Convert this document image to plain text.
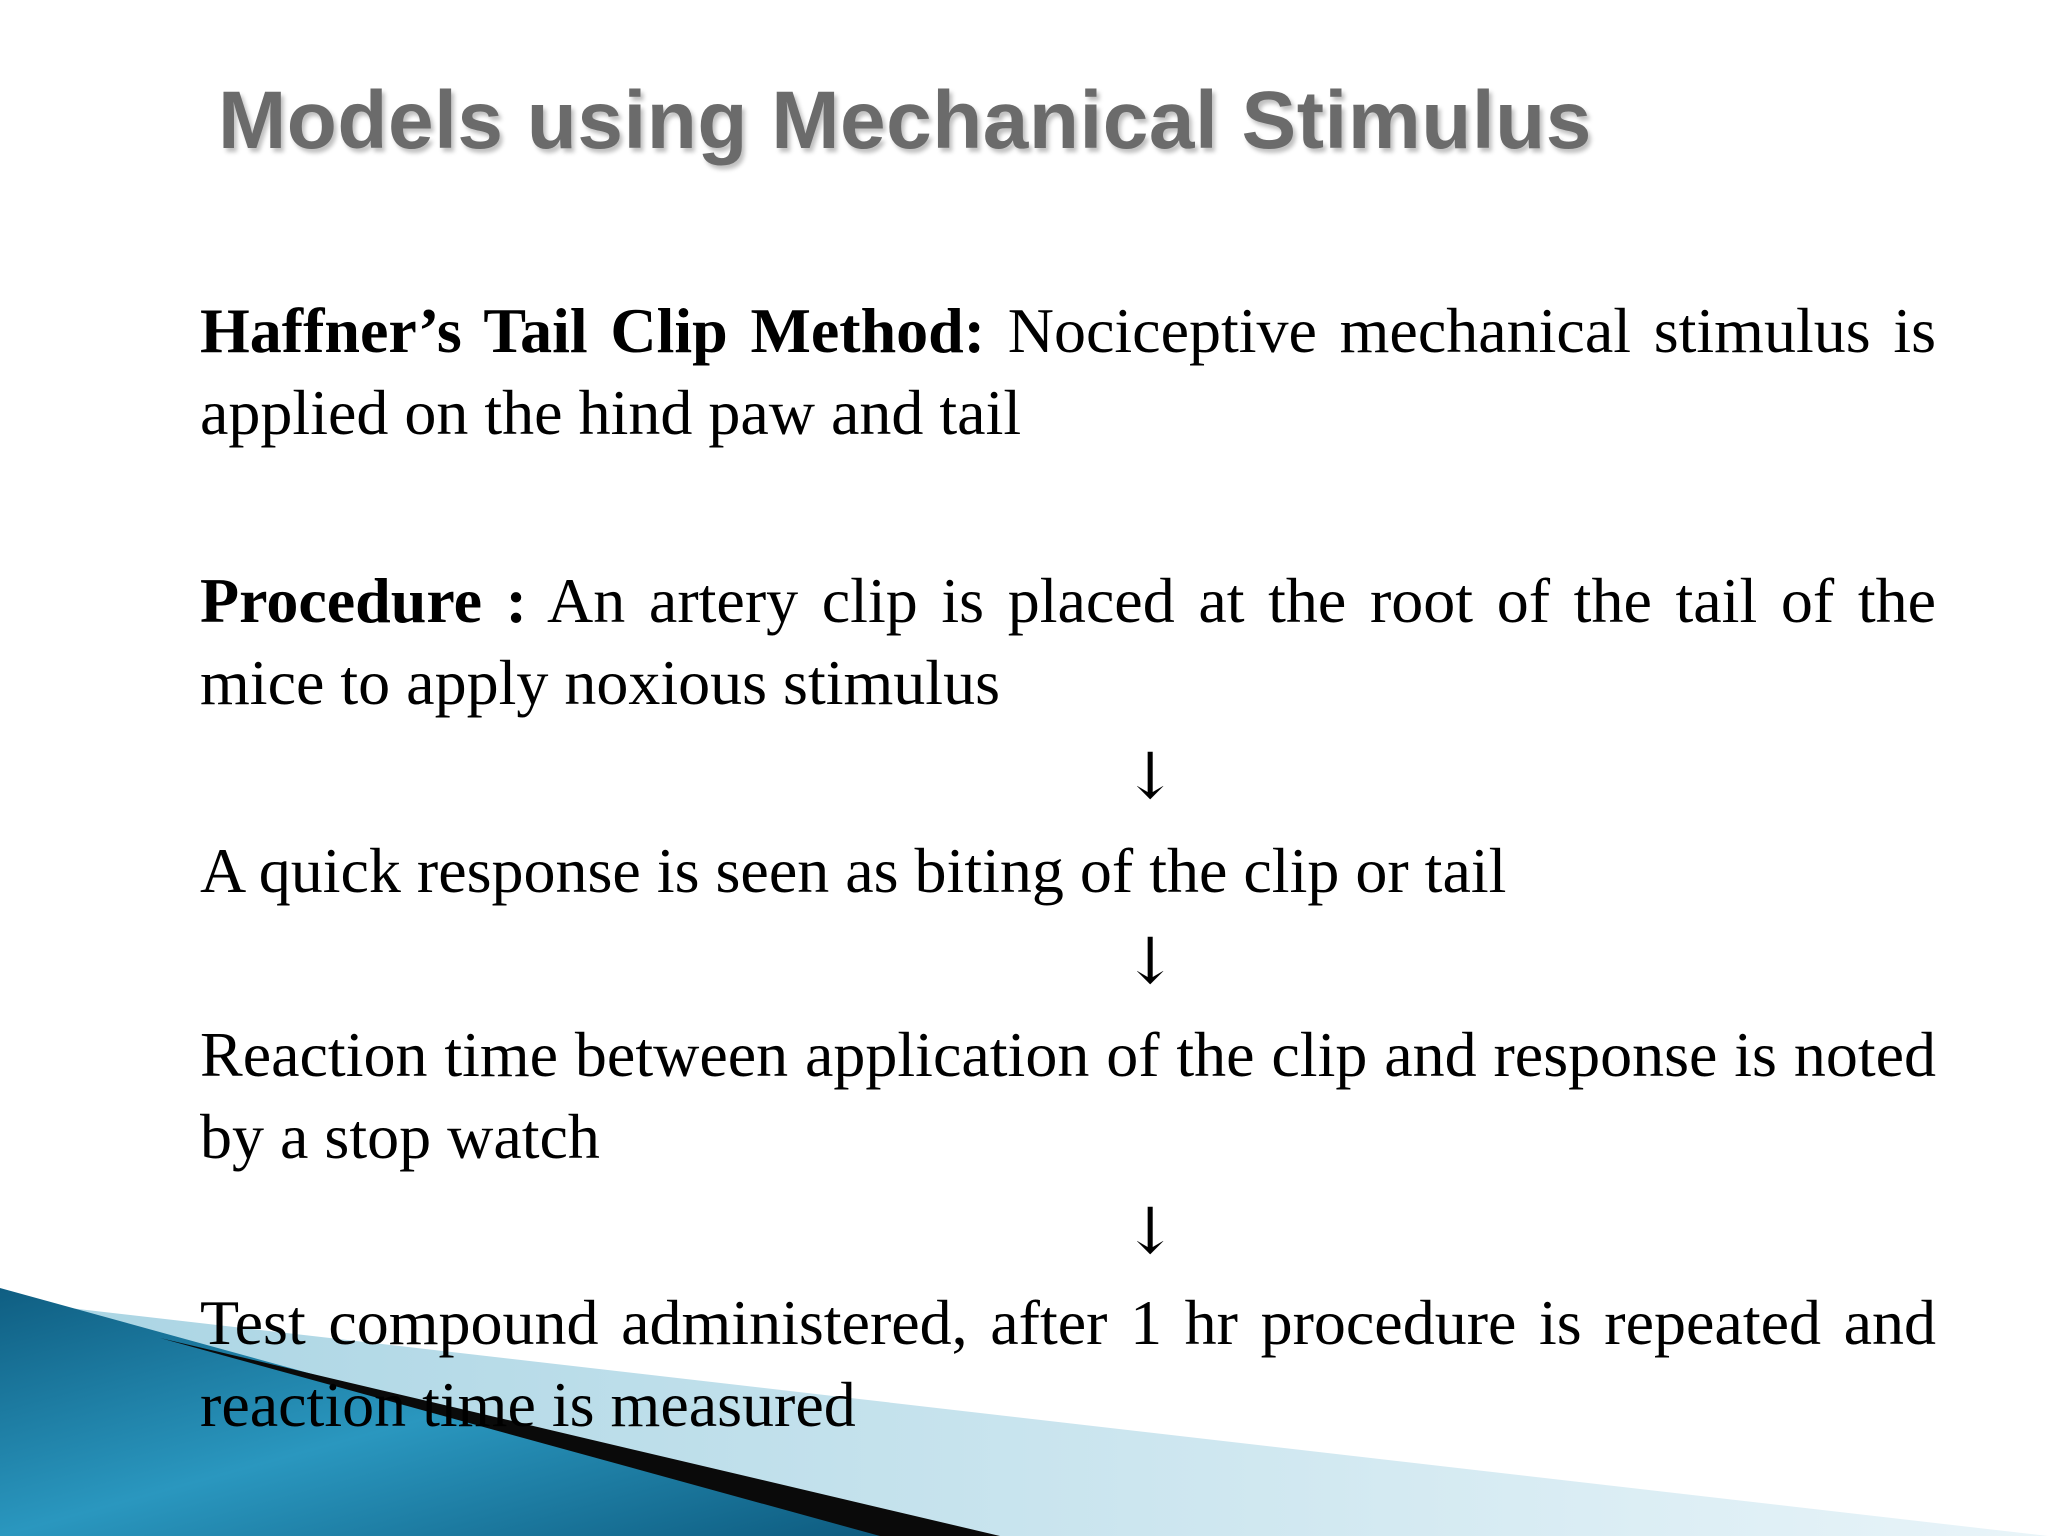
Models using Mechanical Stimulus
Haffner’s Tail Clip Method: Nociceptive mechanical stimulus is applied on the hind paw and tail
Procedure : An artery clip is placed at the root of the tail of the mice to apply noxious stimulus
↓
A quick response is seen as biting of the clip or tail
↓
Reaction time between application of the clip and response is noted by a stop watch
↓
Test compound administered, after 1 hr procedure is repeated and reaction time is measured
